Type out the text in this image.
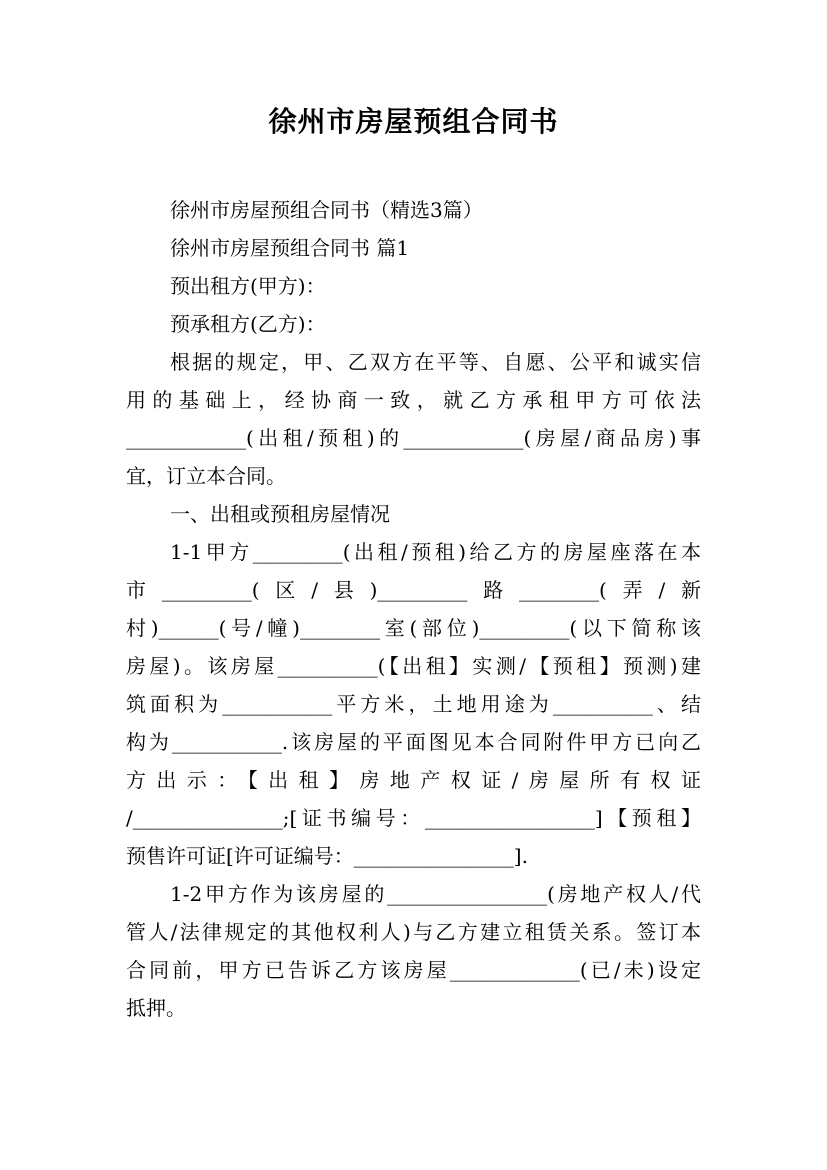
徐州市房屋预组合同书
徐州市房屋预组合同书（精选3篇）
徐州市房屋预组合同书 篇1
预出租方(甲方)：
预承租方(乙方)：
根据的规定，甲、乙双方在平等、自愿、公平和诚实信
用的基础上，经协商一致，就乙方承租甲方可依法
____________(出租/预租)的____________(房屋/商品房)事
宜，订立本合同。
一、出租或预租房屋情况
1-1甲方_________(出租/预租)给乙方的房屋座落在本
市_________(区/县)_________路________(弄/新
村)______(号/幢)________室(部位)_________(以下简称该
房屋)。该房屋__________(【出租】实测/【预租】预测)建
筑面积为___________平方米，土地用途为__________、结
构为___________.该房屋的平面图见本合同附件甲方已向乙
方出示：【出租】房地产权证/房屋所有权证
/_______________;[证书编号：_________________]【预租】
预售许可证[许可证编号：________________].
1-2甲方作为该房屋的________________(房地产权人/代
管人/法律规定的其他权利人)与乙方建立租赁关系。签订本
合同前，甲方已告诉乙方该房屋_____________(已/未)设定
抵押。
